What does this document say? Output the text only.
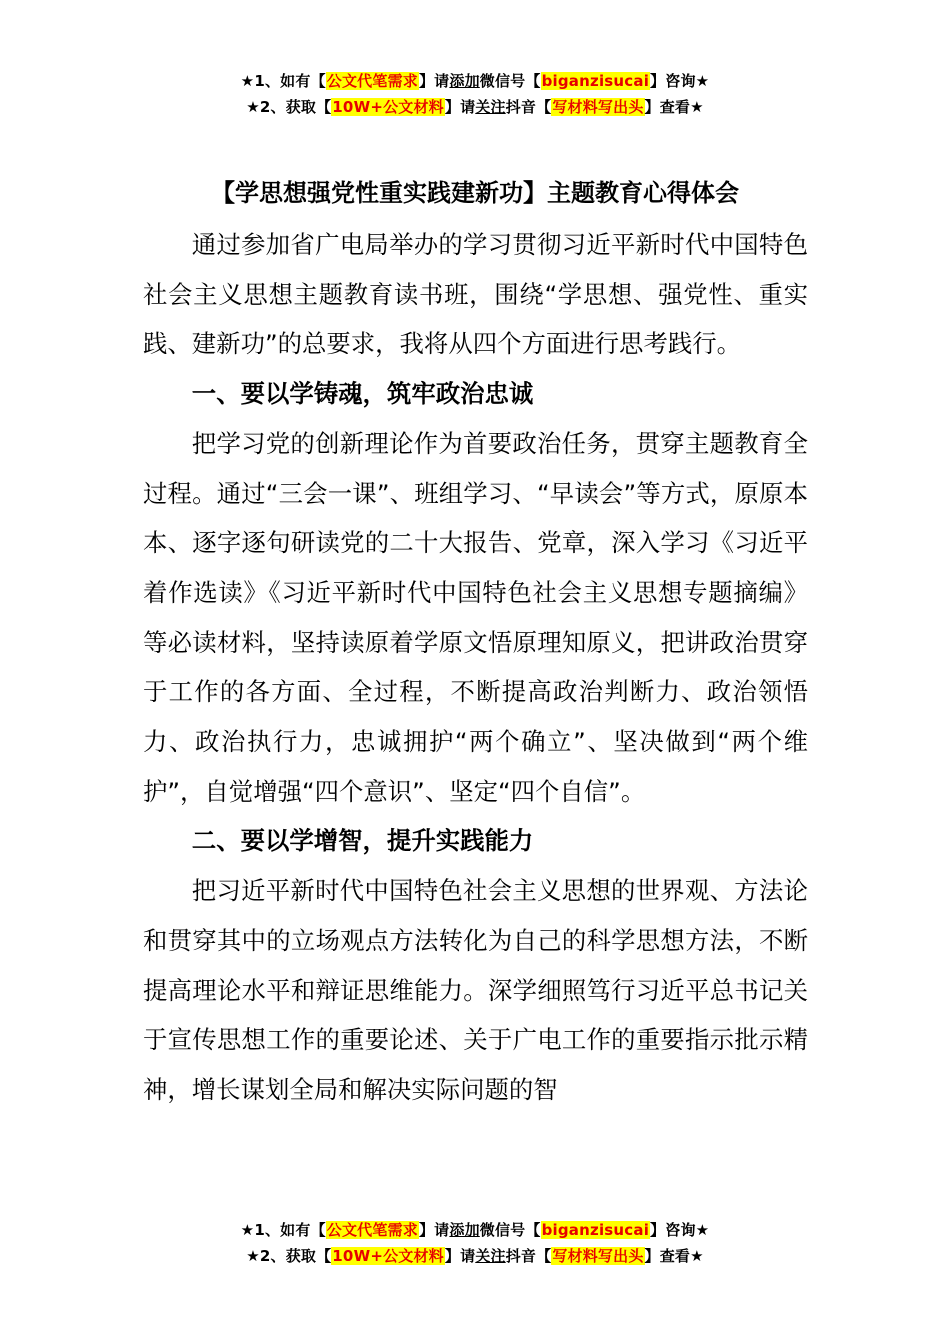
★1、如有【公文代笔需求】请添加微信号【biganzisucai】咨询★
★2、获取【10W+公文材料】请关注抖音【写材料写出头】查看★
【学思想强党性重实践建新功】主题教育心得体会

通过参加省广电局举办的学习贯彻习近平新时代中国特色社会主义思想主题教育读书班，围绕“学思想、强党性、重实践、建新功”的总要求，我将从四个方面进行思考践行。

一、要以学铸魂，筑牢政治忠诚

把学习党的创新理论作为首要政治任务，贯穿主题教育全过程。通过“三会一课”、班组学习、“早读会”等方式，原原本本、逐字逐句研读党的二十大报告、党章，深入学习《习近平着作选读》《习近平新时代中国特色社会主义思想专题摘编》等必读材料，坚持读原着学原文悟原理知原义，把讲政治贯穿于工作的各方面、全过程，不断提高政治判断力、政治领悟力、政治执行力，忠诚拥护“两个确立”、坚决做到“两个维护”，自觉增强“四个意识”、坚定“四个自信”。

二、要以学增智，提升实践能力

把习近平新时代中国特色社会主义思想的世界观、方法论和贯穿其中的立场观点方法转化为自己的科学思想方法，不断提高理论水平和辩证思维能力。深学细照笃行习近平总书记关于宣传思想工作的重要论述、关于广电工作的重要指示批示精神，增长谋划全局和解决实际问题的智

★1、如有【公文代笔需求】请添加微信号【biganzisucai】咨询★
★2、获取【10W+公文材料】请关注抖音【写材料写出头】查看★
